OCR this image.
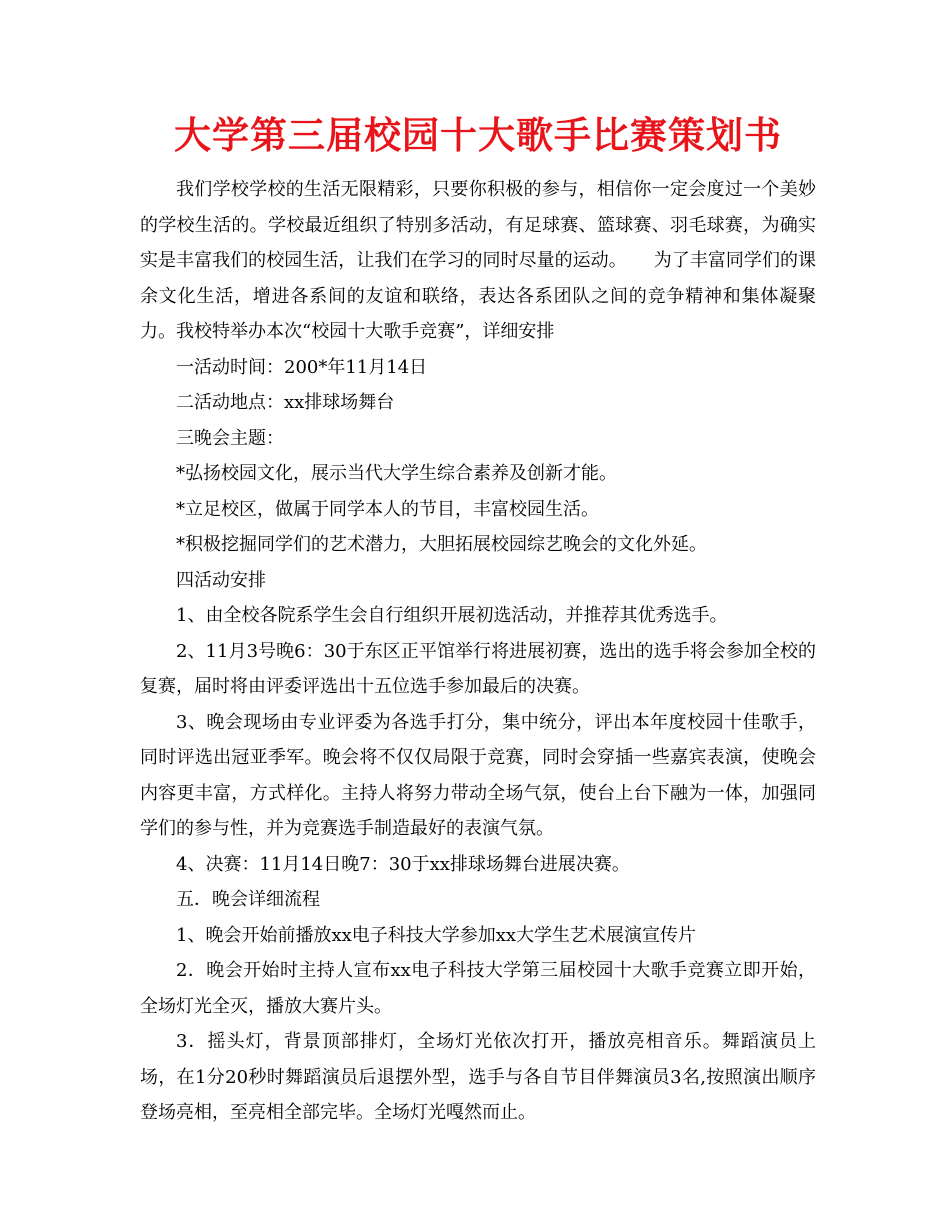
大学第三届校园十大歌手比赛策划书

我们学校学校的生活无限精彩，只要你积极的参与，相信你一定会度过一个美妙的学校生活的。学校最近组织了特别多活动，有足球赛、篮球赛、羽毛球赛，为确实实是丰富我们的校园生活，让我们在学习的同时尽量的运动。　　为了丰富同学们的课余文化生活，增进各系间的友谊和联络，表达各系团队之间的竞争精神和集体凝聚力。我校特举办本次“校园十大歌手竞赛”，详细安排

一活动时间：200*年11月14日

二活动地点：xx排球场舞台

三晚会主题：

*弘扬校园文化，展示当代大学生综合素养及创新才能。

*立足校区，做属于同学本人的节目，丰富校园生活。

*积极挖掘同学们的艺术潜力，大胆拓展校园综艺晚会的文化外延。

四活动安排

1、由全校各院系学生会自行组织开展初选活动，并推荐其优秀选手。

2、11月3号晚6：30于东区正平馆举行将进展初赛，选出的选手将会参加全校的复赛，届时将由评委评选出十五位选手参加最后的决赛。

3、晚会现场由专业评委为各选手打分，集中统分，评出本年度校园十佳歌手，同时评选出冠亚季军。晚会将不仅仅局限于竞赛，同时会穿插一些嘉宾表演，使晚会内容更丰富，方式样化。主持人将努力带动全场气氛，使台上台下融为一体，加强同学们的参与性，并为竞赛选手制造最好的表演气氛。

4、决赛：11月14日晚7：30于xx排球场舞台进展决赛。

五．晚会详细流程

1、晚会开始前播放xx电子科技大学参加xx大学生艺术展演宣传片

2．晚会开始时主持人宣布xx电子科技大学第三届校园十大歌手竞赛立即开始，全场灯光全灭，播放大赛片头。

3．摇头灯，背景顶部排灯，全场灯光依次打开，播放亮相音乐。舞蹈演员上场，在1分20秒时舞蹈演员后退摆外型，选手与各自节目伴舞演员3名,按照演出顺序登场亮相，至亮相全部完毕。全场灯光嘎然而止。
